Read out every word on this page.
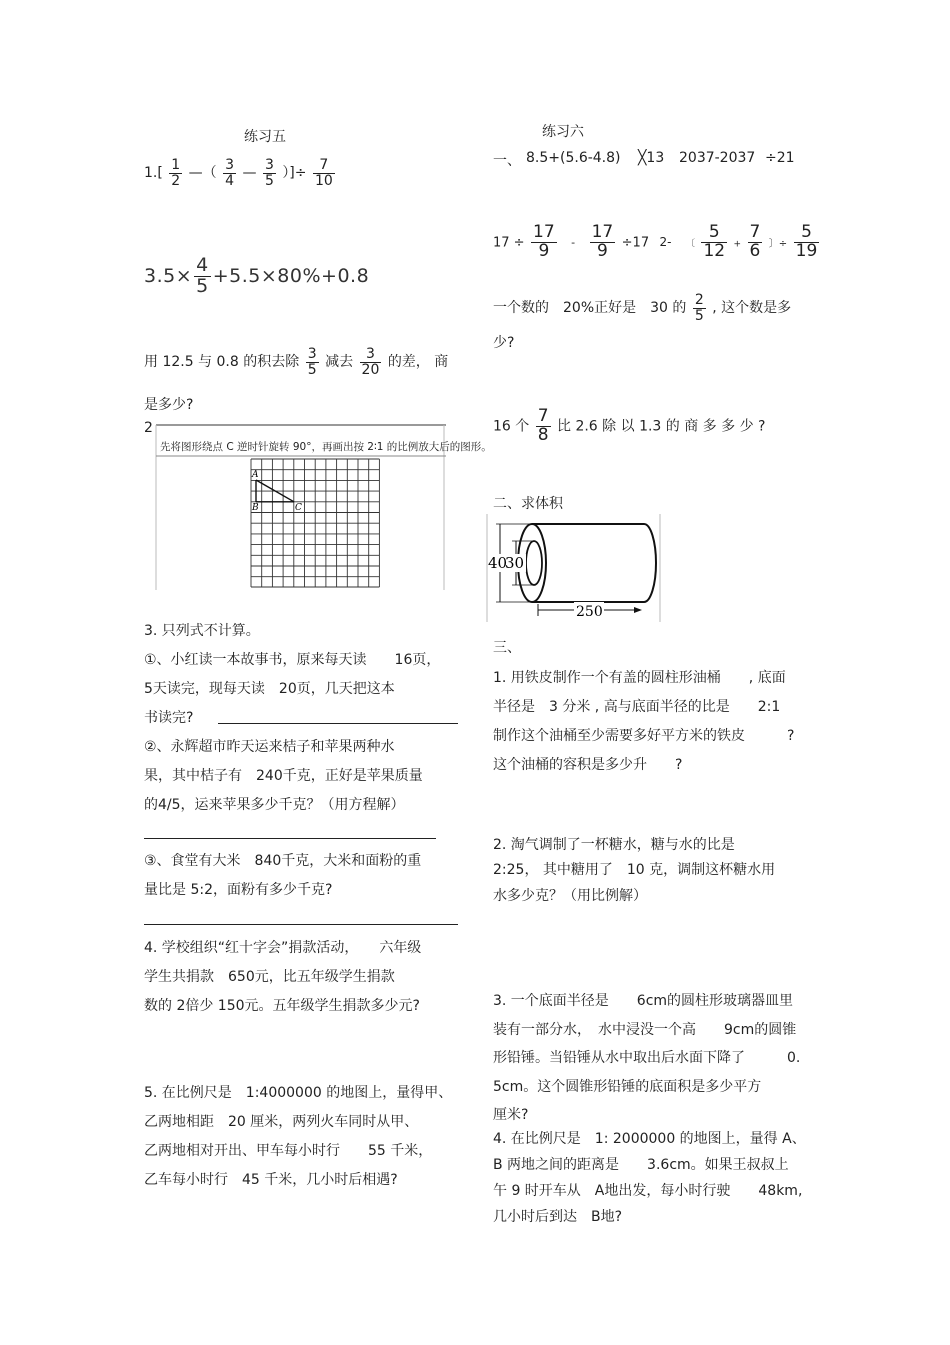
练习五
$1.[ \frac{1}{2}$ —（ $\frac{3}{4}$ — $\frac{3}{5}$ ）]÷ $\frac{7}{10}$
$3.5\times \frac{4}{5} +5.5\times 80\%+0.8$
用 12.5 与 0.8 的积去除 $\frac{3}{5}$ 减去 $\frac{3}{20}$ 的差， 商
是多少?
2
先将图形绕点 C 逆时针旋转 90°，再画出按 2∶1 的比例放大后的图形。
A
B	C
3. 只列式不计算。
①、小红读一本故事书，原来每天读　　16页，
5天读完，现每天读　20页，几天把这本
书读完?
②、永辉超市昨天运来桔子和苹果两种水
果，其中桔子有　240千克，正好是苹果质量
的4/5，运来苹果多少千克？（用方程解）
③、食堂有大米　840千克，大米和面粉的重
量比是 5:2，面粉有多少千克?
4. 学校组织“红十字会”捐款活动，　　六年级
学生共捐款　650元，比五年级学生捐款
数的 2倍少 150元。五年级学生捐款多少元?
5. 在比例尺是　1:4000000 的地图上，量得甲、
乙两地相距　20 厘米，两列火车同时从甲、
乙两地相对开出、甲车每小时行　　55 千米，
乙车每小时行　45 千米，几小时后相遇?
练习六
一、 8.5+(5.6-4.8) ╳13 2037-2037 ÷21
$17 \div \frac{17}{9} - \frac{17}{9} \div 17$ 2- 〔 $\frac{5}{12} + \frac{7}{6}$ 〕÷ $\frac{5}{19}$
一个数的　20%正好是　30 的 $\frac{2}{5}$ , 这个数是多
少?
16 个 $\frac{7}{8}$ 比 2.6 除 以 1.3 的 商 多 多 少 ?
二、求体积
40
30
250
三、
1. 用铁皮制作一个有盖的圆柱形油桶　　, 底面
半径是　3 分米 , 高与底面半径的比是　　2:1
制作这个油桶至少需要多好平方米的铁皮　　　?
这个油桶的容积是多少升　　?
2. 淘气调制了一杯糖水，糖与水的比是
2:25， 其中糖用了　10 克，调制这杯糖水用
水多少克？（用比例解）
3. 一个底面半径是　　6cm的圆柱形玻璃器皿里
装有一部分水，　水中浸没一个高　　9cm的圆锥
形铅锤。当铅锤从水中取出后水面下降了　　　0.
5cm。这个圆锥形铅锤的底面积是多少平方
厘米?
4. 在比例尺是　1: 2000000 的地图上，量得 A、
B 两地之间的距离是　　3.6cm。如果王叔叔上
午 9 时开车从　A地出发，每小时行驶　　48km,
几小时后到达　B地?
